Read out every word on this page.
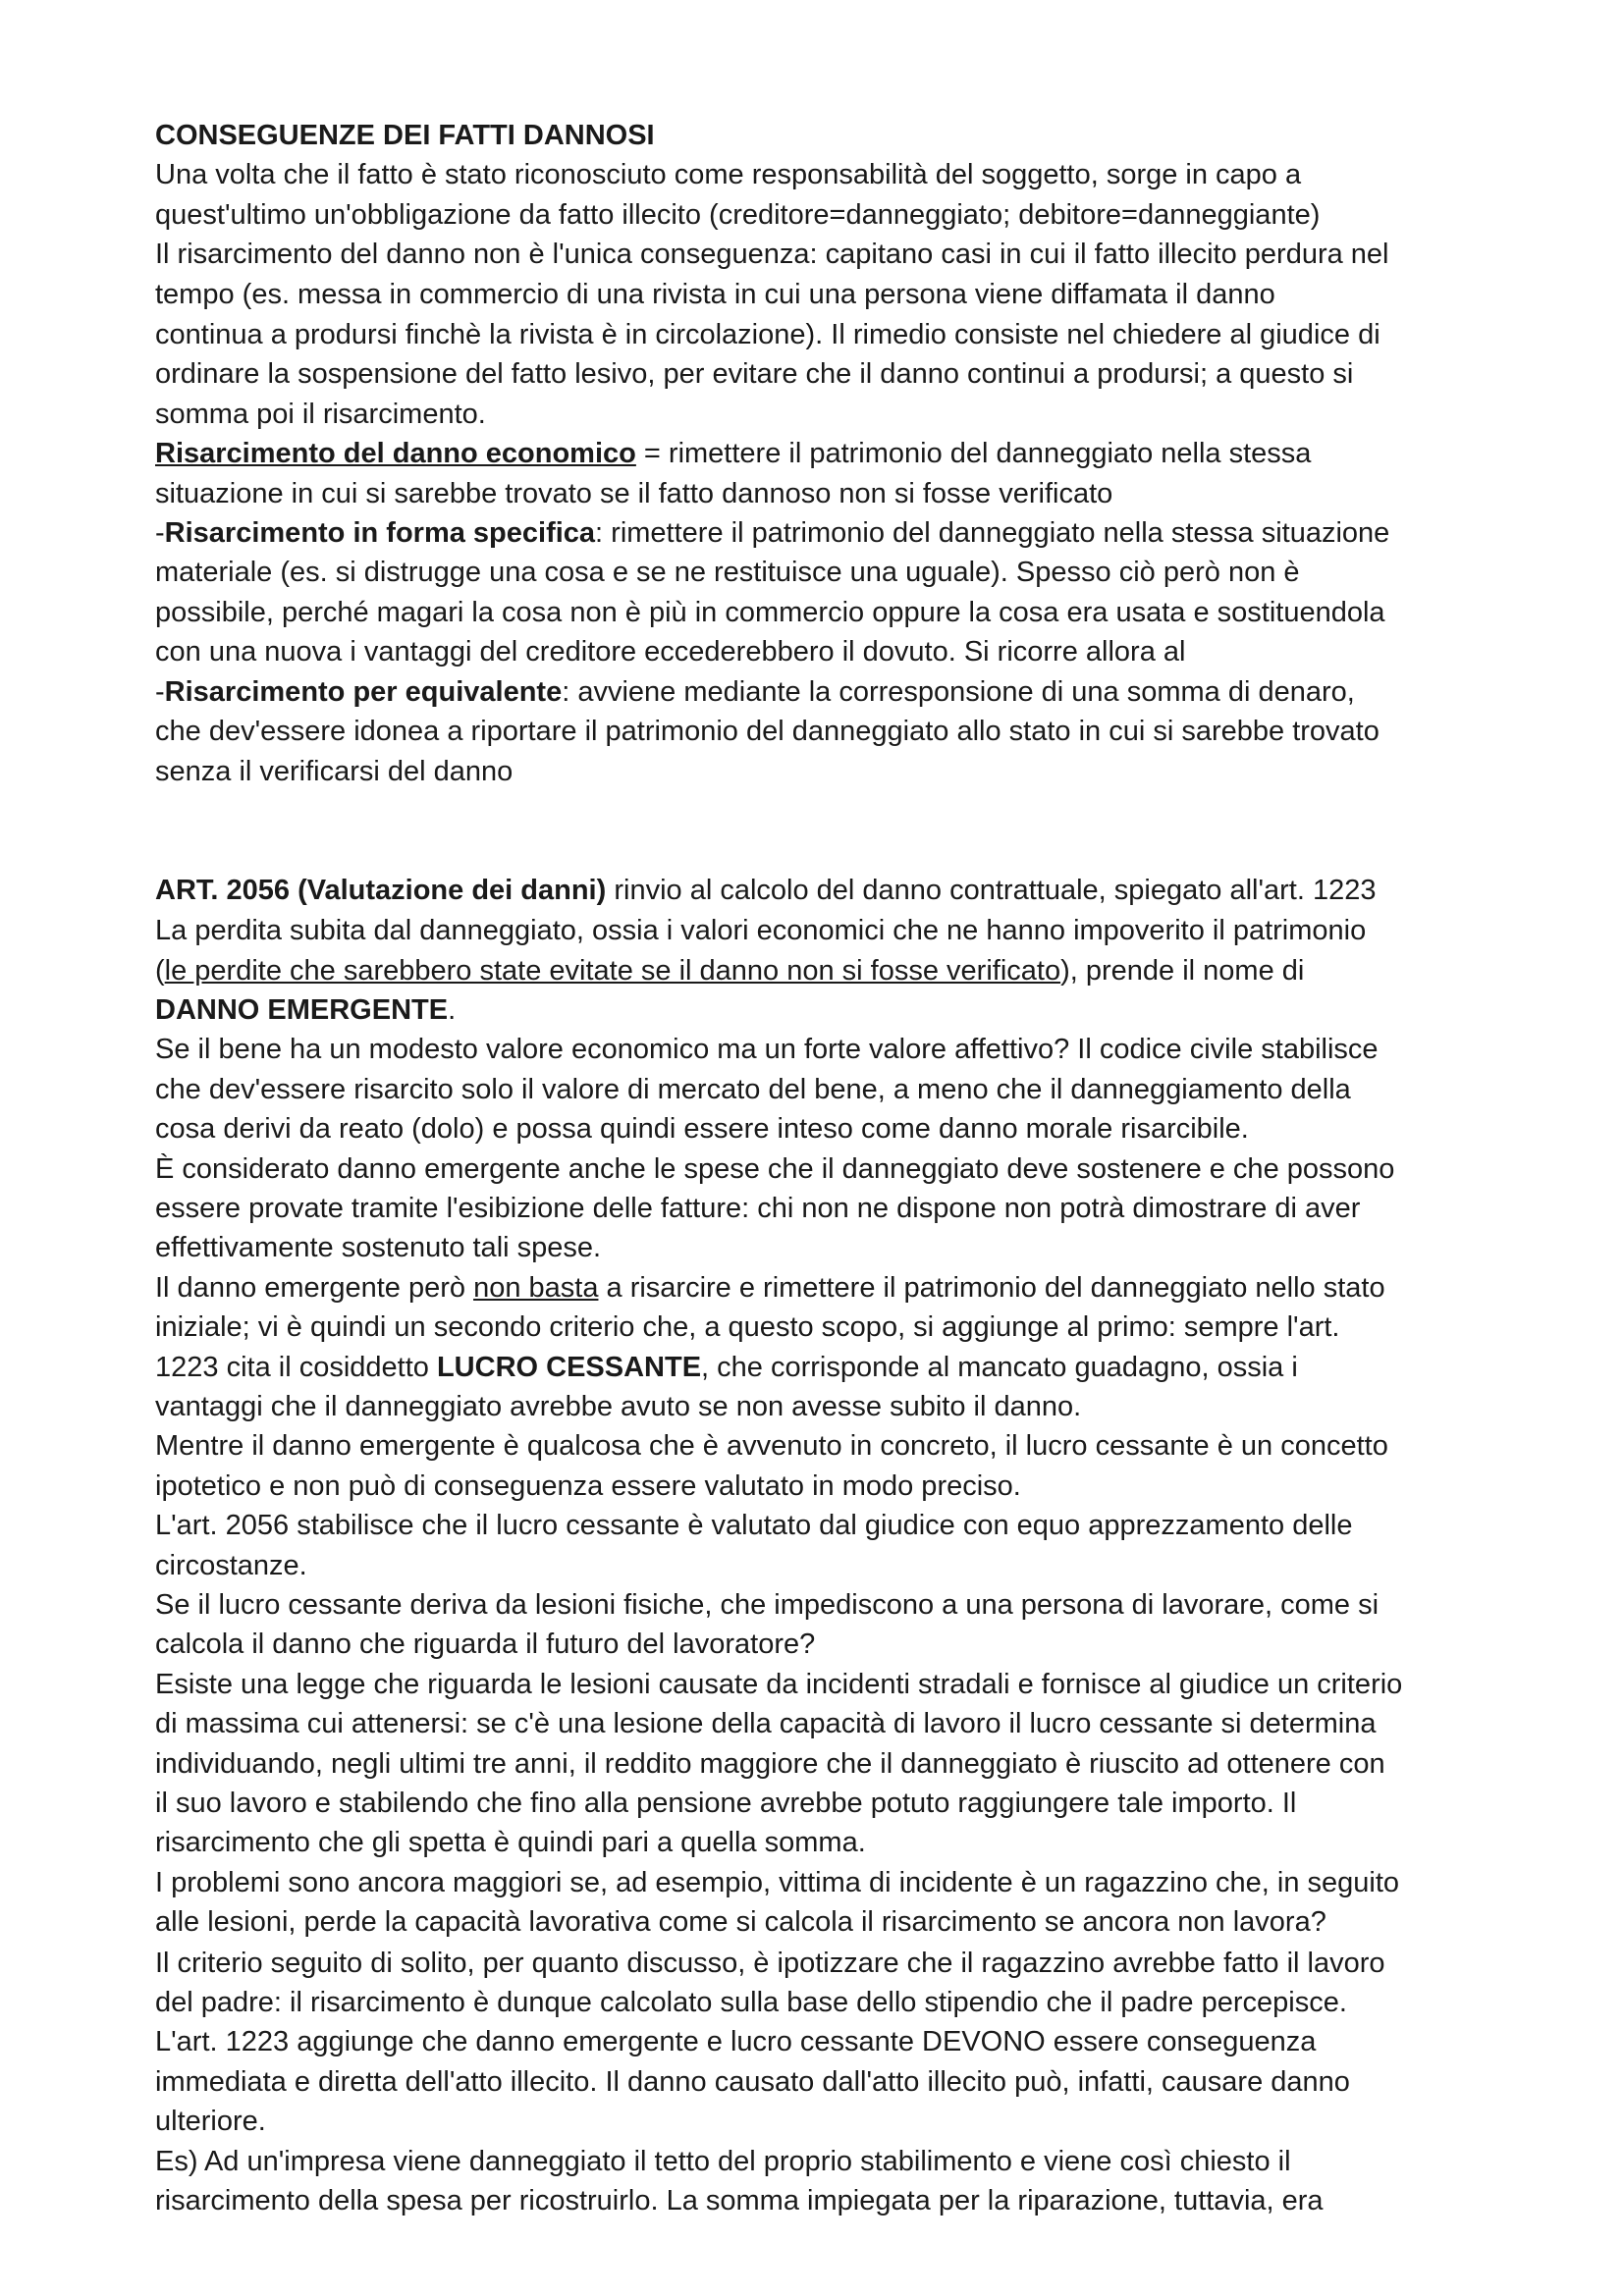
CONSEGUENZE DEI FATTI DANNOSI

Una volta che il fatto è stato riconosciuto come responsabilità del soggetto, sorge in capo a

quest'ultimo un'obbligazione da fatto illecito (creditore=danneggiato; debitore=danneggiante)

Il risarcimento del danno non è l'unica conseguenza: capitano casi in cui il fatto illecito perdura nel

tempo (es. messa in commercio di una rivista in cui una persona viene diffamata il danno

continua a prodursi finchè la rivista è in circolazione). Il rimedio consiste nel chiedere al giudice di

ordinare la sospensione del fatto lesivo, per evitare che il danno continui a prodursi; a questo si

somma poi il risarcimento.

Risarcimento del danno economico = rimettere il patrimonio del danneggiato nella stessa

situazione in cui si sarebbe trovato se il fatto dannoso non si fosse verificato

-Risarcimento in forma specifica: rimettere il patrimonio del danneggiato nella stessa situazione

materiale (es. si distrugge una cosa e se ne restituisce una uguale). Spesso ciò però non è

possibile, perché magari la cosa non è più in commercio oppure la cosa era usata e sostituendola

con una nuova i vantaggi del creditore eccederebbero il dovuto. Si ricorre allora al

-Risarcimento per equivalente: avviene mediante la corresponsione di una somma di denaro,

che dev'essere idonea a riportare il patrimonio del danneggiato allo stato in cui si sarebbe trovato

senza il verificarsi del danno

ART. 2056 (Valutazione dei danni) rinvio al calcolo del danno contrattuale, spiegato all'art. 1223

La perdita subita dal danneggiato, ossia i valori economici che ne hanno impoverito il patrimonio

(le perdite che sarebbero state evitate se il danno non si fosse verificato), prende il nome di

DANNO EMERGENTE.

Se il bene ha un modesto valore economico ma un forte valore affettivo? Il codice civile stabilisce

che dev'essere risarcito solo il valore di mercato del bene, a meno che il danneggiamento della

cosa derivi da reato (dolo) e possa quindi essere inteso come danno morale risarcibile.

È considerato danno emergente anche le spese che il danneggiato deve sostenere e che possono

essere provate tramite l'esibizione delle fatture: chi non ne dispone non potrà dimostrare di aver

effettivamente sostenuto tali spese.

Il danno emergente però non basta a risarcire e rimettere il patrimonio del danneggiato nello stato

iniziale; vi è quindi un secondo criterio che, a questo scopo, si aggiunge al primo: sempre l'art.

1223 cita il cosiddetto LUCRO CESSANTE, che corrisponde al mancato guadagno, ossia i

vantaggi che il danneggiato avrebbe avuto se non avesse subito il danno.

Mentre il danno emergente è qualcosa che è avvenuto in concreto, il lucro cessante è un concetto

ipotetico e non può di conseguenza essere valutato in modo preciso.

L'art. 2056 stabilisce che il lucro cessante è valutato dal giudice con equo apprezzamento delle

circostanze.

Se il lucro cessante deriva da lesioni fisiche, che impediscono a una persona di lavorare, come si

calcola il danno che riguarda il futuro del lavoratore?

Esiste una legge che riguarda le lesioni causate da incidenti stradali e fornisce al giudice un criterio

di massima cui attenersi: se c'è una lesione della capacità di lavoro il lucro cessante si determina

individuando, negli ultimi tre anni, il reddito maggiore che il danneggiato è riuscito ad ottenere con

il suo lavoro e stabilendo che fino alla pensione avrebbe potuto raggiungere tale importo. Il

risarcimento che gli spetta è quindi pari a quella somma.

I problemi sono ancora maggiori se, ad esempio, vittima di incidente è un ragazzino che, in seguito

alle lesioni, perde la capacità lavorativa come si calcola il risarcimento se ancora non lavora?

Il criterio seguito di solito, per quanto discusso, è ipotizzare che il ragazzino avrebbe fatto il lavoro

del padre: il risarcimento è dunque calcolato sulla base dello stipendio che il padre percepisce.

L'art. 1223 aggiunge che danno emergente e lucro cessante DEVONO essere conseguenza

immediata e diretta dell'atto illecito. Il danno causato dall'atto illecito può, infatti, causare danno

ulteriore.

Es) Ad un'impresa viene danneggiato il tetto del proprio stabilimento e viene così chiesto il

risarcimento della spesa per ricostruirlo. La somma impiegata per la riparazione, tuttavia, era
